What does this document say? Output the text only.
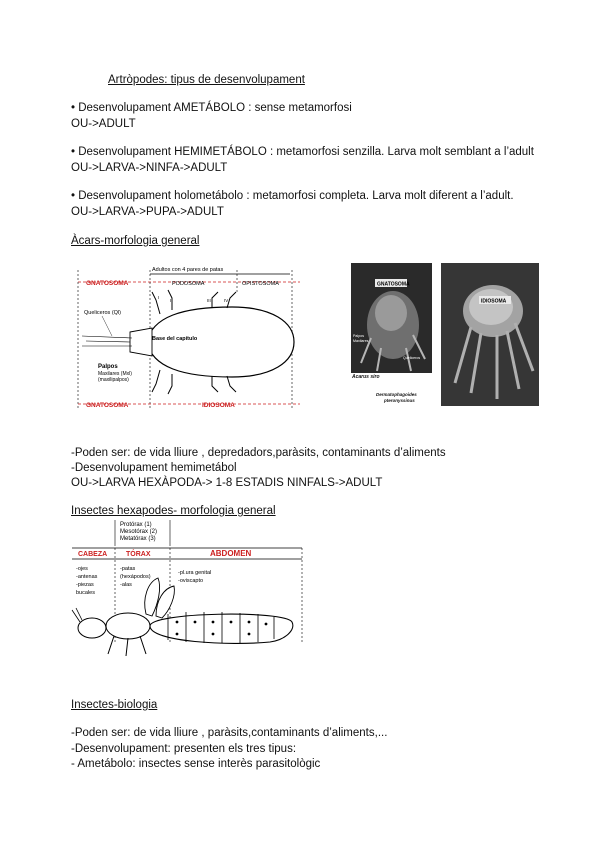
Artròpodes: tipus de desenvolupament
• Desenvolupament AMETÁBOLO : sense metamorfosi
OU->ADULT
• Desenvolupament HEMIMETÁBOLO : metamorfosi senzilla. Larva molt semblant a l’adult
OU->LARVA->NINFA->ADULT
• Desenvolupament holometábolo : metamorfosi completa. Larva molt diferent a l’adult.
OU->LARVA->PUPA->ADULT
Àcars-morfologia general
Adultos con 4 pares de patas
GNATOSOMA	PODOSOMA	OPISTOSOMA
I
II	III	IV
Queliceros (Ql)
Base del capítulo
Palpos
Maxilares (Mxl)
(maxilipalpos)
GNATOSOMA	IDIOSOMA
GNATOSOMA
Palpos
Maxilares
Queliceros
Acarus siro
Dermatophagoides
pteronyssinus
IDIOSOMA
-Poden ser: de vida lliure , depredadors,paràsits, contaminants d’aliments
-Desenvolupament hemimetábol
OU->LARVA HEXÀPODA-> 1-8 ESTADIS NINFALS->ADULT
Insectes hexapodes- morfologia general
Protórax (1)
Mesotórax (2)
Metatórax (3)
CABEZA	TÓRAX	ABDOMEN
-ojes
-antenas
-piezas
bucales
-patas
(hexápodos)
-alas
-pl.ura genital
-oviscapto
Insectes-biologia
-Poden ser: de vida lliure , paràsits,contaminants d’aliments,...
-Desenvolupament: presenten els tres tipus:
- Ametábolo: insectes sense interès parasitològic
